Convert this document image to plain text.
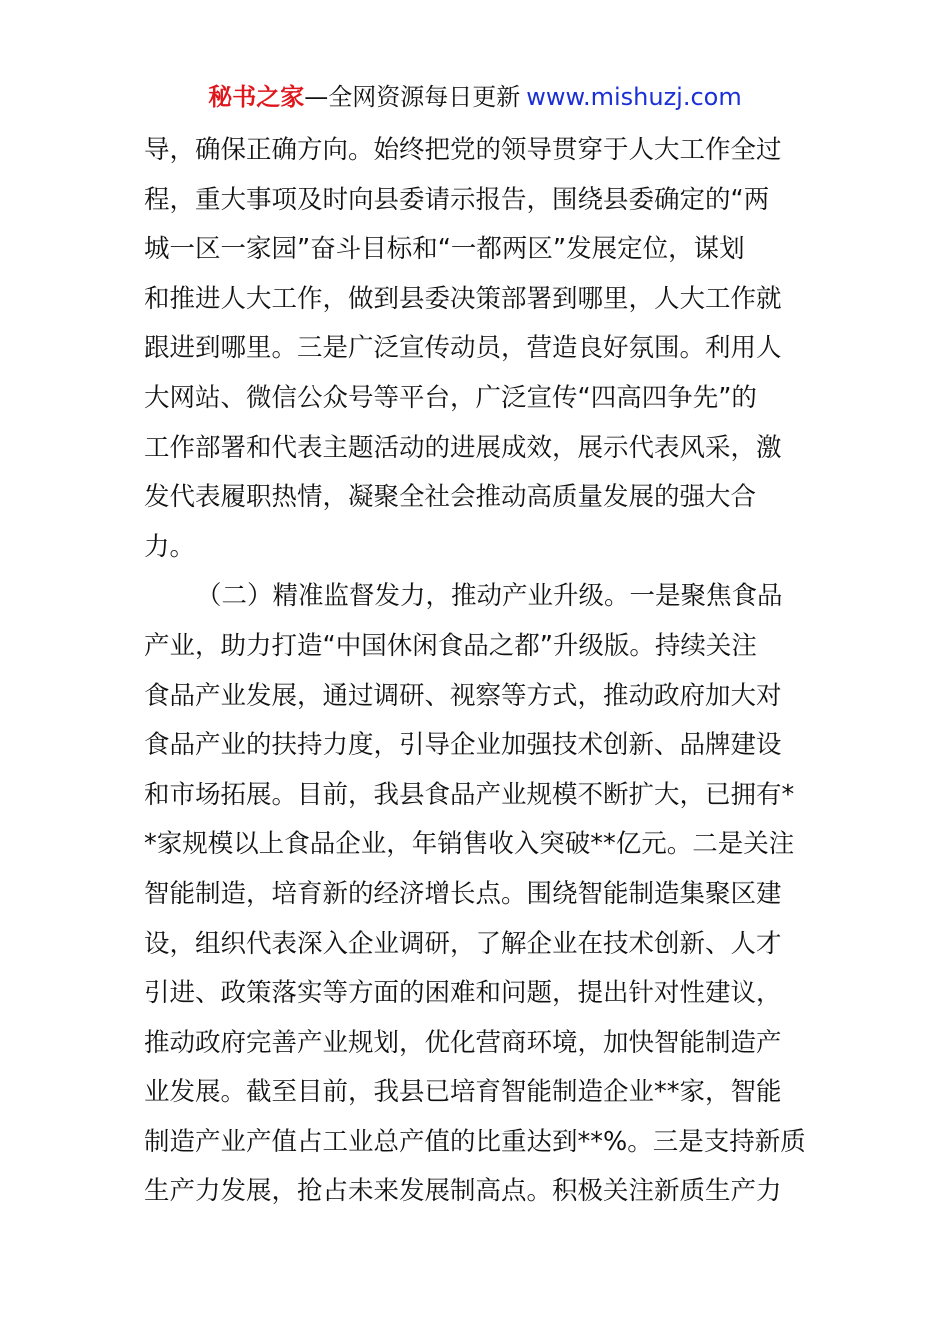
秘书之家—全网资源每日更新 www.mishuzj.com
导，确保正确方向。始终把党的领导贯穿于人大工作全过
程，重大事项及时向县委请示报告，围绕县委确定的“两
城一区一家园”奋斗目标和“一都两区”发展定位，谋划
和推进人大工作，做到县委决策部署到哪里，人大工作就
跟进到哪里。三是广泛宣传动员，营造良好氛围。利用人
大网站、微信公众号等平台，广泛宣传“四高四争先”的
工作部署和代表主题活动的进展成效，展示代表风采，激
发代表履职热情，凝聚全社会推动高质量发展的强大合
力。
（二）精准监督发力，推动产业升级。一是聚焦食品
产业，助力打造“中国休闲食品之都”升级版。持续关注
食品产业发展，通过调研、视察等方式，推动政府加大对
食品产业的扶持力度，引导企业加强技术创新、品牌建设
和市场拓展。目前，我县食品产业规模不断扩大，已拥有*
*家规模以上食品企业，年销售收入突破**亿元。二是关注
智能制造，培育新的经济增长点。围绕智能制造集聚区建
设，组织代表深入企业调研，了解企业在技术创新、人才
引进、政策落实等方面的困难和问题，提出针对性建议，
推动政府完善产业规划，优化营商环境，加快智能制造产
业发展。截至目前，我县已培育智能制造企业**家，智能
制造产业产值占工业总产值的比重达到**%。三是支持新质
生产力发展，抢占未来发展制高点。积极关注新质生产力
